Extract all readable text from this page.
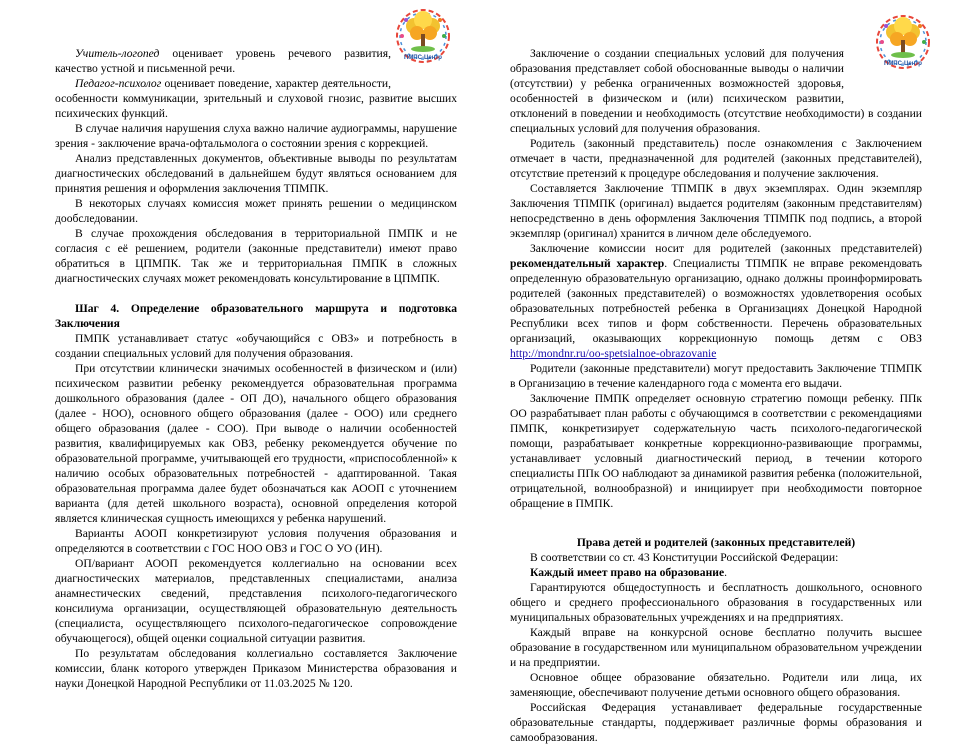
Учитель-логопед оценивает уровень речевого развития, качество устной и письменной речи.

Педагог-психолог оценивает поведение, характер деятельности, особенности коммуникации, зрительный и слуховой гнозис, развитие высших психических функций.

В случае наличия нарушения слуха важно наличие аудиограммы, нарушение зрения - заключение врача-офтальмолога о состоянии зрения с коррекцией.

Анализ представленных документов, объективные выводы по результатам диагностических обследований в дальнейшем будут являться основанием для принятия решения и оформления заключения ТПМПК.

В некоторых случаях комиссия может принять решении о медицинском дообследовании.

В случае прохождения обследования в территориальной ПМПК и не согласия с её решением, родители (законные представители) имеют право обратиться в ЦПМПК. Так же и территориальная ПМПК в сложных диагностических случаях может рекомендовать консультирование в ЦПМПК.

Шаг 4. Определение образовательного маршрута и подготовка Заключения

ПМПК устанавливает статус «обучающийся с ОВЗ» и потребность в создании специальных условий для получения образования.

При отсутствии клинически значимых особенностей в физическом и (или) психическом развитии ребенку рекомендуется образовательная программа дошкольного образования (далее - ОП ДО), начального общего образования (далее - НОО), основного общего образования (далее - ООО) или среднего общего образования (далее - СОО). При выводе о наличии особенностей развития, квалифицируемых как ОВЗ, ребенку рекомендуется обучение по образовательной программе, учитывающей его трудности, «приспособленной» к наличию особых образовательных потребностей - адаптированной. Такая образовательная программа далее будет обозначаться как АООП с уточнением варианта (для детей школьного возраста), основной определения которой является клиническая сущность имеющихся у ребенка нарушений.

Варианты АООП конкретизируют условия получения образования и определяются в соответствии с ГОС НОО ОВЗ и ГОС О УО (ИН).

ОП/вариант АООП рекомендуется коллегиально на основании всех диагностических материалов, представленных специалистами, анализа анамнестических сведений, представления психолого-педагогического консилиума организации, осуществляющей образовательную деятельность (специалиста, осуществляющего психолого-педагогическое сопровождение обучающегося), общей оценки социальной ситуации развития.

По результатам обследования коллегиально составляется Заключение комиссии, бланк которого утвержден Приказом Министерства образования и науки Донецкой Народной Республики от 11.03.2025 № 120.

Заключение о создании специальных условий для получения образования представляет собой обоснованные выводы о наличии (отсутствии) у ребенка ограниченных возможностей здоровья, особенностей в физическом и (или) психическом развитии, отклонений в поведении и необходимость (отсутствие необходимости) в создании специальных условий для получения образования.

Родитель (законный представитель) после ознакомления с Заключением отмечает в части, предназначенной для родителей (законных представителей), отсутствие претензий к процедуре обследования и получение заключения.

Составляется Заключение ТПМПК в двух экземплярах. Один экземпляр Заключения ТПМПК (оригинал) выдается родителям (законным представителям) непосредственно в день оформления Заключения ТПМПК под подпись, а второй экземпляр (оригинал) хранится в личном деле обследуемого.

Заключение комиссии носит для родителей (законных представителей) рекомендательный характер. Специалисты ТПМПК не вправе рекомендовать определенную образовательную организацию, однако должны проинформировать родителей (законных представителей) о возможностях удовлетворения особых образовательных потребностей ребенка в Организациях Донецкой Народной Республики всех типов и форм собственности. Перечень образовательных организаций, оказывающих коррекционную помощь детям с ОВЗ http://mondnr.ru/oo-spetsialnoe-obrazovanie

Родители (законные представители) могут предоставить Заключение ТПМПК в Организацию в течение календарного года с момента его выдачи.

Заключение ПМПК определяет основную стратегию помощи ребенку. ППк ОО разрабатывает план работы с обучающимся в соответствии с рекомендациями ПМПК, конкретизирует содержательную часть психолого-педагогической помощи, разрабатывает конкретные коррекционно-развивающие программы, устанавливает условный диагностический период, в течении которого специалисты ППк ОО наблюдают за динамикой развития ребенка (положительной, отрицательной, волнообразной) и инициирует при необходимости повторное обращение в ПМПК.

Права детей и родителей (законных представителей)

В соответствии со ст. 43 Конституции Российской Федерации:

Каждый имеет право на образование.

Гарантируются общедоступность и бесплатность дошкольного, основного общего и среднего профессионального образования в государственных или муниципальных образовательных учреждениях и на предприятиях.

Каждый вправе на конкурсной основе бесплатно получить высшее образование в государственном или муниципальном образовательном учреждении и на предприятии.

Основное общее образование обязательно. Родители или лица, их заменяющие, обеспечивают получение детьми основного общего образования.

Российская Федерация устанавливает федеральные государственные образовательные стандарты, поддерживает различные формы образования и самообразования.

ПМПС-Центр
ПМПС-Центр
